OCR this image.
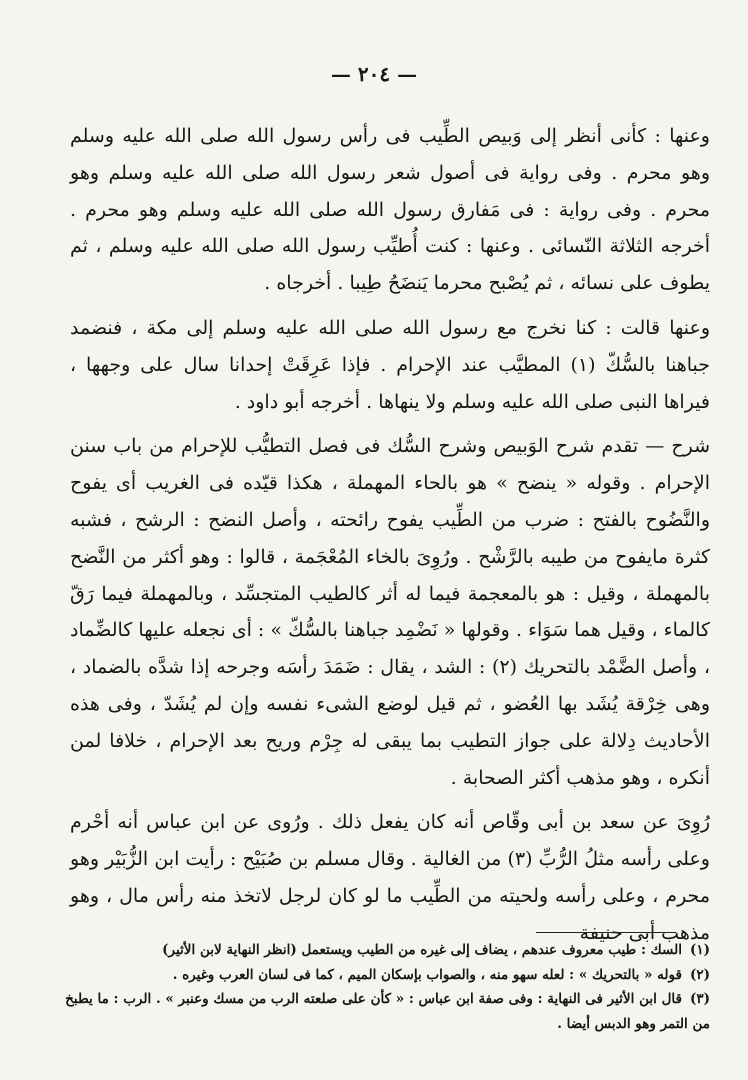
— ٢٠٤ —

وعنها : كأنى أنظر إلى وَبيص الطِّيب فى رأس رسول الله صلى الله عليه وسلم وهو محرم . وفى رواية فى أصول شعر رسول الله صلى الله عليه وسلم وهو محرم . وفى رواية : فى مَفارق رسول الله صلى الله عليه وسلم وهو محرم . أخرجه الثلاثة النّسائى . وعنها : كنت أُطيِّب رسول الله صلى الله عليه وسلم ، ثم يطوف على نسائه ، ثم يُصْبح محرما يَنضَحُ طِيبا . أخرجاه .

وعنها قالت : كنا نخرج مع رسول الله صلى الله عليه وسلم إلى مكة ، فنضمد جباهنا بالسُّكّ (١) المطيَّب عند الإحرام . فإذا عَرِقَتْ إحدانا سال على وجهها ، فيراها النبى صلى الله عليه وسلم ولا ينهاها . أخرجه أبو داود .

شرح — تقدم شرح الوَبيص وشرح السُّك فى فصل التطيُّب للإحرام من باب سنن الإحرام . وقوله « ينضح » هو بالحاء المهملة ، هكذا قيّده فى الغريب أى يفوح والنَّضُوح بالفتح : ضرب من الطِّيب يفوح رائحته ، وأصل النضح : الرشح ، فشبه كثرة مايفوح من طيبه بالرَّشْح . ورُوِىَ بالخاء المُعْجَمة ، قالوا : وهو أكثر من النَّضح بالمهملة ، وقيل : هو بالمعجمة فيما له أثر كالطيب المتجسِّد ، وبالمهملة فيما رَقّ كالماء ، وقيل هما سَوَاء . وقولها « نَضْمِد جباهنا بالسُّكّ » : أى نجعله عليها كالضِّماد ، وأصل الضَّمْد بالتحريك (٢) : الشد ، يقال : ضَمَدَ رأسَه وجرحه إذا شدَّه بالضماد ، وهى خِرْقة يُشَد بها العُضو ، ثم قيل لوضع الشىء نفسه وإن لم يُشَدّ ، وفى هذه الأحاديث دِلالة على جواز التطيب بما يبقى له جِرْم وريح بعد الإحرام ، خلافا لمن أنكره ، وهو مذهب أكثر الصحابة .

رُوِىَ عن سعد بن أبى وقّاص أنه كان يفعل ذلك . ورُوى عن ابن عباس أنه أحْرم وعلى رأسه مثلُ الرُّبِّ (٣) من الغالية . وقال مسلم بن صُبَيْح : رأيت ابن الزُّبَيْر وهو محرم ، وعلى رأسه ولحيته من الطِّيب ما لو كان لرجل لاتخذ منه رأس مال ، وهو مذهب أبى حنيفة

(١)السك : طيب معروف عندهم ، يضاف إلى غيره من الطيب ويستعمل (انظر النهاية لابن الأثير)

(٢)قوله « بالتحريك » : لعله سهو منه ، والصواب بإسكان الميم ، كما فى لسان العرب وغيره .

(٣)قال ابن الأثير فى النهاية : وفى صفة ابن عباس : « كأن على صلعته الرب من مسك وعنبر » . الرب : ما يطبخ من التمر وهو الدبس أيضا .
